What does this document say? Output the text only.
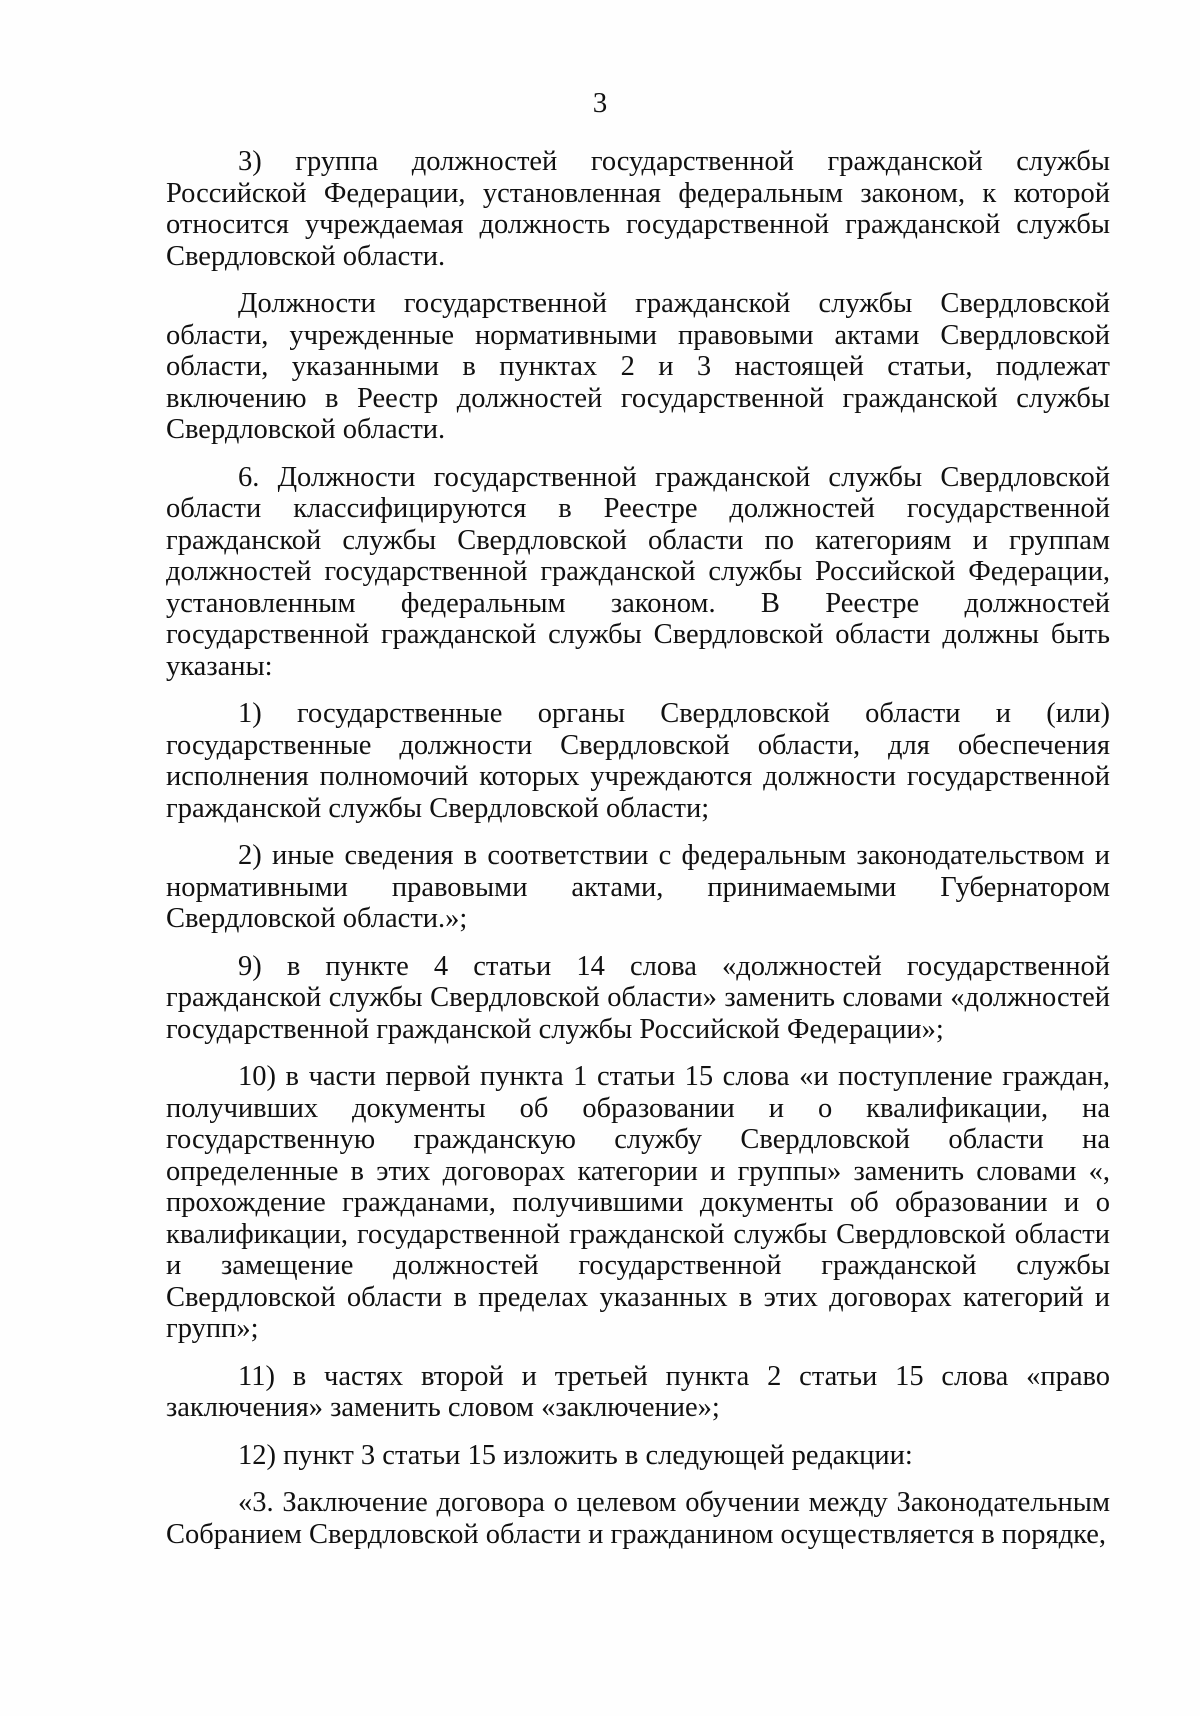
3

3) группа должностей государственной гражданской службы Российской Федерации, установленная федеральным законом, к которой относится учреждаемая должность государственной гражданской службы Свердловской области.

Должности государственной гражданской службы Свердловской области, учрежденные нормативными правовыми актами Свердловской области, указанными в пунктах 2 и 3 настоящей статьи, подлежат включению в Реестр должностей государственной гражданской службы Свердловской области.

6. Должности государственной гражданской службы Свердловской области классифицируются в Реестре должностей государственной гражданской службы Свердловской области по категориям и группам должностей государственной гражданской службы Российской Федерации, установленным федеральным законом. В Реестре должностей государственной гражданской службы Свердловской области должны быть указаны:

1) государственные органы Свердловской области и (или) государственные должности Свердловской области, для обеспечения исполнения полномочий которых учреждаются должности государственной гражданской службы Свердловской области;

2) иные сведения в соответствии с федеральным законодательством и нормативными правовыми актами, принимаемыми Губернатором Свердловской области.»;

9) в пункте 4 статьи 14 слова «должностей государственной гражданской службы Свердловской области» заменить словами «должностей государственной гражданской службы Российской Федерации»;

10) в части первой пункта 1 статьи 15 слова «и поступление граждан, получивших документы об образовании и о квалификации, на государственную гражданскую службу Свердловской области на определенные в этих договорах категории и группы» заменить словами «, прохождение гражданами, получившими документы об образовании и о квалификации, государственной гражданской службы Свердловской области и замещение должностей государственной гражданской службы Свердловской области в пределах указанных в этих договорах категорий и групп»;

11) в частях второй и третьей пункта 2 статьи 15 слова «право заключения» заменить словом «заключение»;

12) пункт 3 статьи 15 изложить в следующей редакции:

«3. Заключение договора о целевом обучении между Законодательным Собранием Свердловской области и гражданином осуществляется в порядке,
